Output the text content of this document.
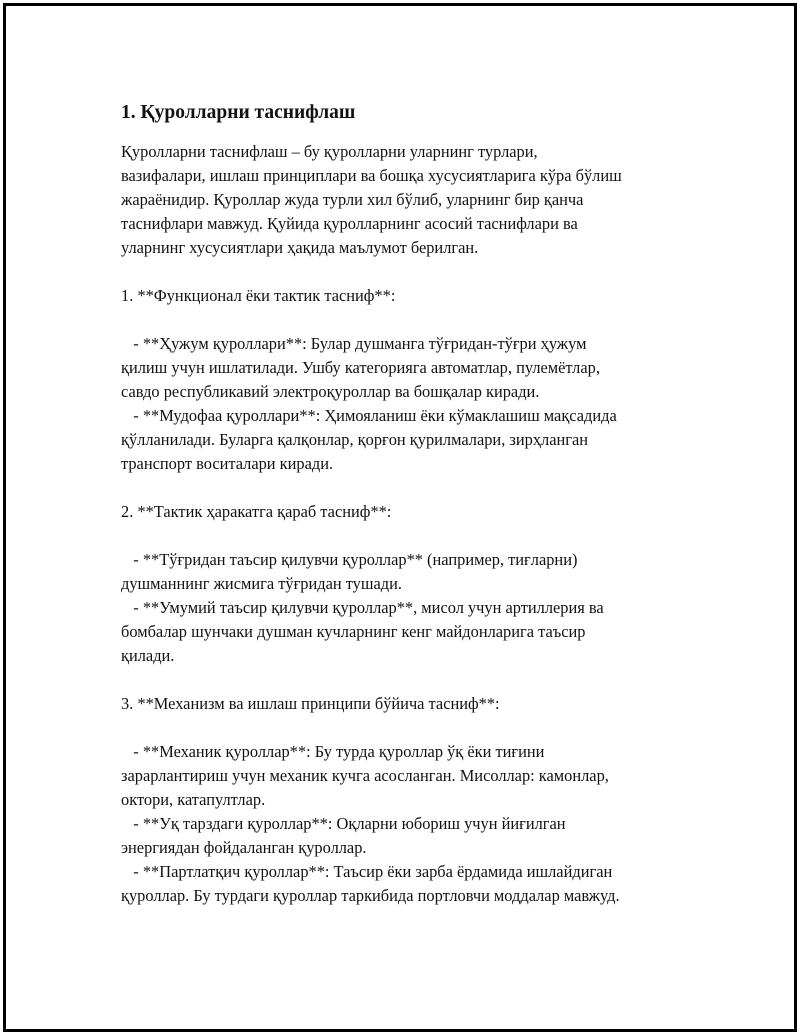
1. Қуролларни таснифлаш

Қуролларни таснифлаш – бу қуролларни уларнинг турлари,
вазифалари, ишлаш принциплари ва бошқа хусусиятларига кўра бўлиш
жараёнидир. Қуроллар жуда турли хил бўлиб, уларнинг бир қанча
таснифлари мавжуд. Қуйида қуролларнинг асосий таснифлари ва
уларнинг хусусиятлари ҳақида маълумот берилган.

1. **Функционал ёки тактик тасниф**:

- **Ҳужум қуроллари**: Булар душманга тўғридан-тўғри ҳужум
қилиш учун ишлатилади. Ушбу категорияга автоматлар, пулемётлар,
савдо республикавий электроқуроллар ва бошқалар киради.

- **Мудофаа қуроллари**: Ҳимояланиш ёки кўмаклашиш мақсадида
қўлланилади. Буларга қалқонлар, қорғон қурилмалари, зирҳланган
транспорт воситалари киради.

2. **Тактик ҳаракатга қараб тасниф**:

- **Тўғридан таъсир қилувчи қуроллар** (например, тиғларни)
душманнинг жисмига тўғридан тушади.

- **Умумий таъсир қилувчи қуроллар**, мисол учун артиллерия ва
бомбалар шунчаки душман кучларнинг кенг майдонларига таъсир
қилади.

3. **Механизм ва ишлаш принципи бўйича тасниф**:

- **Механик қуроллар**: Бу турда қуроллар ўқ ёки тиғини
зарарлантириш учун механик кучга асосланган. Мисоллар: камонлар,
октори, катапултлар.

- **Уқ тарздаги қуроллар**: Оқларни юбориш учун йиғилган
энергиядан фойдаланган қуроллар.

- **Партлатқич қуроллар**: Таъсир ёки зарба ёрдамида ишлайдиган
қуроллар. Бу турдаги қуроллар таркибида портловчи моддалар мавжуд.
